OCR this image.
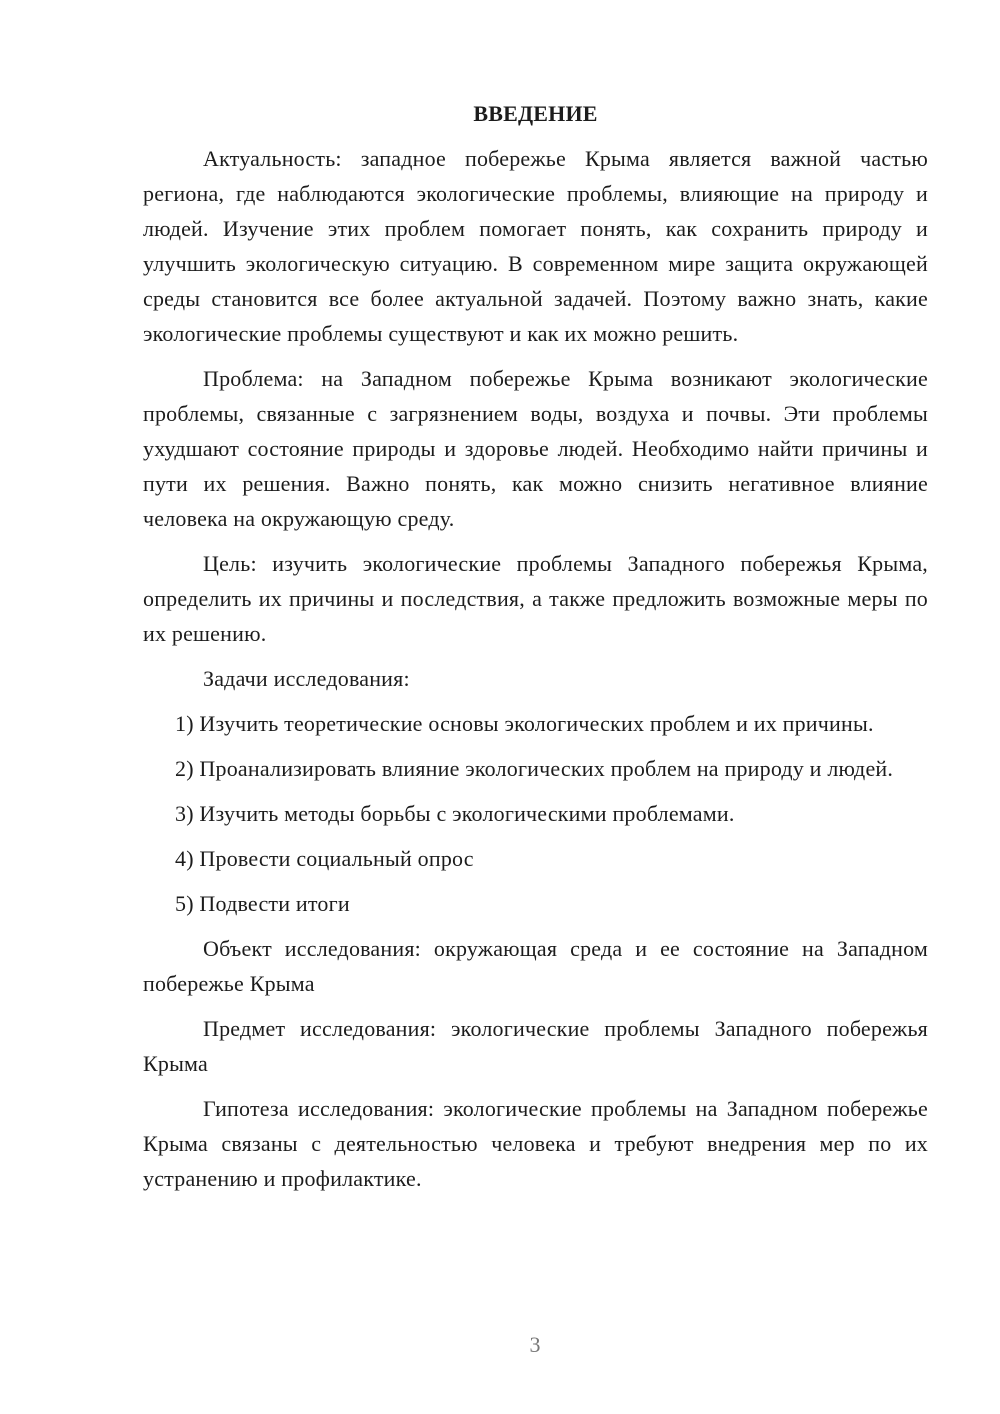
ВВЕДЕНИЕ

Актуальность: западное побережье Крыма является важной частью региона, где наблюдаются экологические проблемы, влияющие на природу и людей. Изучение этих проблем помогает понять, как сохранить природу и улучшить экологическую ситуацию. В современном мире защита окружающей среды становится все более актуальной задачей. Поэтому важно знать, какие экологические проблемы существуют и как их можно решить.

Проблема: на Западном побережье Крыма возникают экологические проблемы, связанные с загрязнением воды, воздуха и почвы. Эти проблемы ухудшают состояние природы и здоровье людей. Необходимо найти причины и пути их решения. Важно понять, как можно снизить негативное влияние человека на окружающую среду.

Цель: изучить экологические проблемы Западного побережья Крыма, определить их причины и последствия, а также предложить возможные меры по их решению.

Задачи исследования:

1) Изучить теоретические основы экологических проблем и их причины.

2) Проанализировать влияние экологических проблем на природу и людей.

3) Изучить методы борьбы с экологическими проблемами.

4) Провести социальный опрос

5) Подвести итоги

Объект исследования: окружающая среда и ее состояние на Западном побережье Крыма

Предмет исследования: экологические проблемы Западного побережья Крыма

Гипотеза исследования: экологические проблемы на Западном побережье Крыма связаны с деятельностью человека и требуют внедрения мер по их устранению и профилактике.

3
